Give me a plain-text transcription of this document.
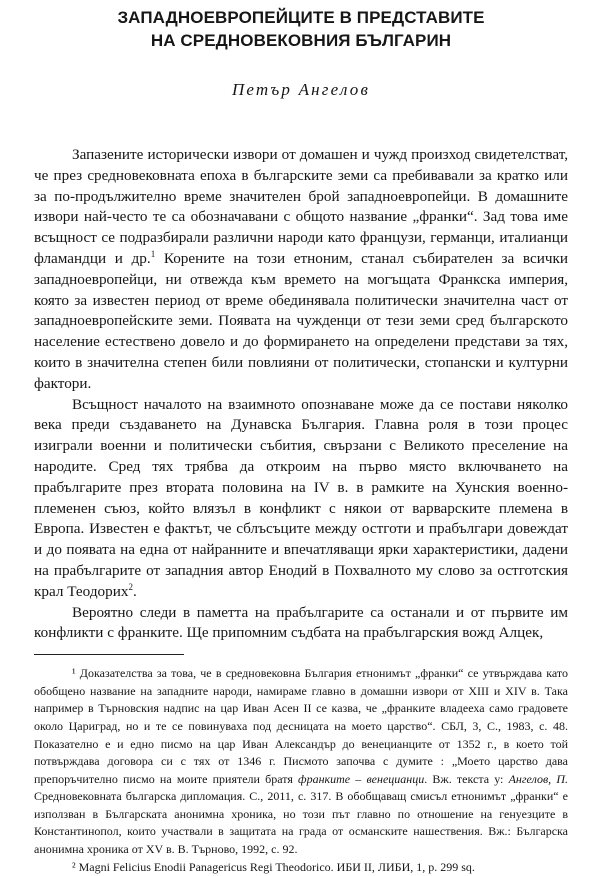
ЗАПАДНОЕВРОПЕЙЦИТЕ В ПРЕДСТАВИТЕ
НА СРЕДНОВЕКОВНИЯ БЪЛГАРИН
Петър Ангелов

Запазените исторически извори от домашен и чужд произход свидетелстват, че през средновековната епоха в българските земи са пребивавали за кратко или за по-продължително време значителен брой западноевропейци. В домашните извори най-често те са обозначавани с общото название „франки“. Зад това име всъщност се подразбирали различни народи като французи, германци, италианци фламандци и др.$^1$ Корените на този етноним, станал събирателен за всички западноевропейци, ни отвежда към времето на могъщата Франкска империя, която за известен период от време обединявала политически значителна част от западноевропейските земи. Появата на чужденци от тези земи сред българското население естествено довело и до формирането на определени представи за тях, които в значителна степен били повлияни от политически, стопански и културни фактори.

Всъщност началото на взаимното опознаване може да се постави няколко века преди създаването на Дунавска България. Главна роля в този процес изиграли военни и политически събития, свързани с Великото преселение на народите. Сред тях трябва да откроим на първо място включването на прабългарите през втората половина на IV в. в рамките на Хунския военно-племенен съюз, който влязъл в конфликт с някои от варварските племена в Европа. Известен е фактът, че сблъсъците между остготи и прабългари довеждат и до появата на една от найранните и впечатляващи ярки характеристики, дадени на прабългарите от западния автор Енодий в Похвалното му слово за остготския крал Теодорих$^2$.

Вероятно следи в паметта на прабългарите са останали и от първите им конфликти с франките. Ще припомним съдбата на прабългарския вожд Алцек,

¹ Доказателства за това, че в средновековна България етнонимът „франки“ се утвърждава като обобщено название на западните народи, намираме главно в домашни извори от XIII и XIV в. Така например в Търновския надпис на цар Иван Асен II се казва, че „франките владееха само градовете около Цариград, но и те се повинуваха под десницата на моето царство“. СБЛ, 3, С., 1983, с. 48. Показателно е и едно писмо на цар Иван Александър до венецианците от 1352 г., в което той потвърждава договора си с тях от 1346 г. Писмото започва с думите : „Моето царство дава препоръчително писмо на моите приятели братя франките – венецианци. Вж. текста у: Ангелов, П. Средновековната българска дипломация. С., 2011, с. 317. В обобщаващ смисъл етнонимът „франки“ е използван в Българската анонимна хроника, но този път главно по отношение на генуезците в Константинопол, които участвали в защитата на града от османските нашествения. Вж.: Българска анонимна хроника от XV в. В. Търново, 1992, с. 92.

² Magni Felicius Enodii Panagericus Regi Theodorico. ИБИ II, ЛИБИ, 1, р. 299 sq.
